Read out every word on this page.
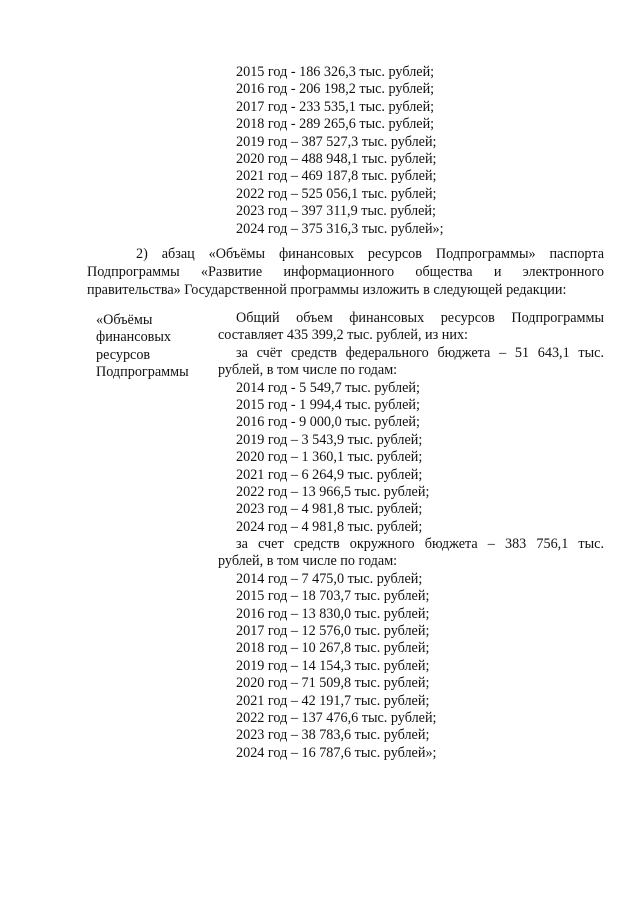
2015 год - 186 326,3 тыс. рублей;
2016 год - 206 198,2 тыс. рублей;
2017 год - 233 535,1 тыс. рублей;
2018 год - 289 265,6 тыс. рублей;
2019 год – 387 527,3 тыс. рублей;
2020 год – 488 948,1 тыс. рублей;
2021 год – 469 187,8 тыс. рублей;
2022 год – 525 056,1 тыс. рублей;
2023 год – 397 311,9 тыс. рублей;
2024 год – 375 316,3 тыс. рублей»;
2) абзац «Объёмы финансовых ресурсов Подпрограммы» паспорта Подпрограммы «Развитие информационного общества и электронного правительства» Государственной программы изложить в следующей редакции:
«Объёмы
финансовых
ресурсов
Подпрограммы
Общий объем финансовых ресурсов Подпрограммы
составляет 435 399,2 тыс. рублей, из них:
за счёт средств федерального бюджета – 51 643,1 тыс.
рублей, в том числе по годам:
2014 год - 5 549,7 тыс. рублей;
2015 год - 1 994,4 тыс. рублей;
2016 год - 9 000,0 тыс. рублей;
2019 год – 3 543,9 тыс. рублей;
2020 год – 1 360,1 тыс. рублей;
2021 год – 6 264,9 тыс. рублей;
2022 год – 13 966,5 тыс. рублей;
2023 год – 4 981,8 тыс. рублей;
2024 год – 4 981,8 тыс. рублей;
за счет средств окружного бюджета – 383 756,1 тыс.
рублей, в том числе по годам:
2014 год – 7 475,0 тыс. рублей;
2015 год – 18 703,7 тыс. рублей;
2016 год – 13 830,0 тыс. рублей;
2017 год – 12 576,0 тыс. рублей;
2018 год – 10 267,8 тыс. рублей;
2019 год – 14 154,3 тыс. рублей;
2020 год – 71 509,8 тыс. рублей;
2021 год – 42 191,7 тыс. рублей;
2022 год – 137 476,6 тыс. рублей;
2023 год – 38 783,6 тыс. рублей;
2024 год – 16 787,6 тыс. рублей»;
